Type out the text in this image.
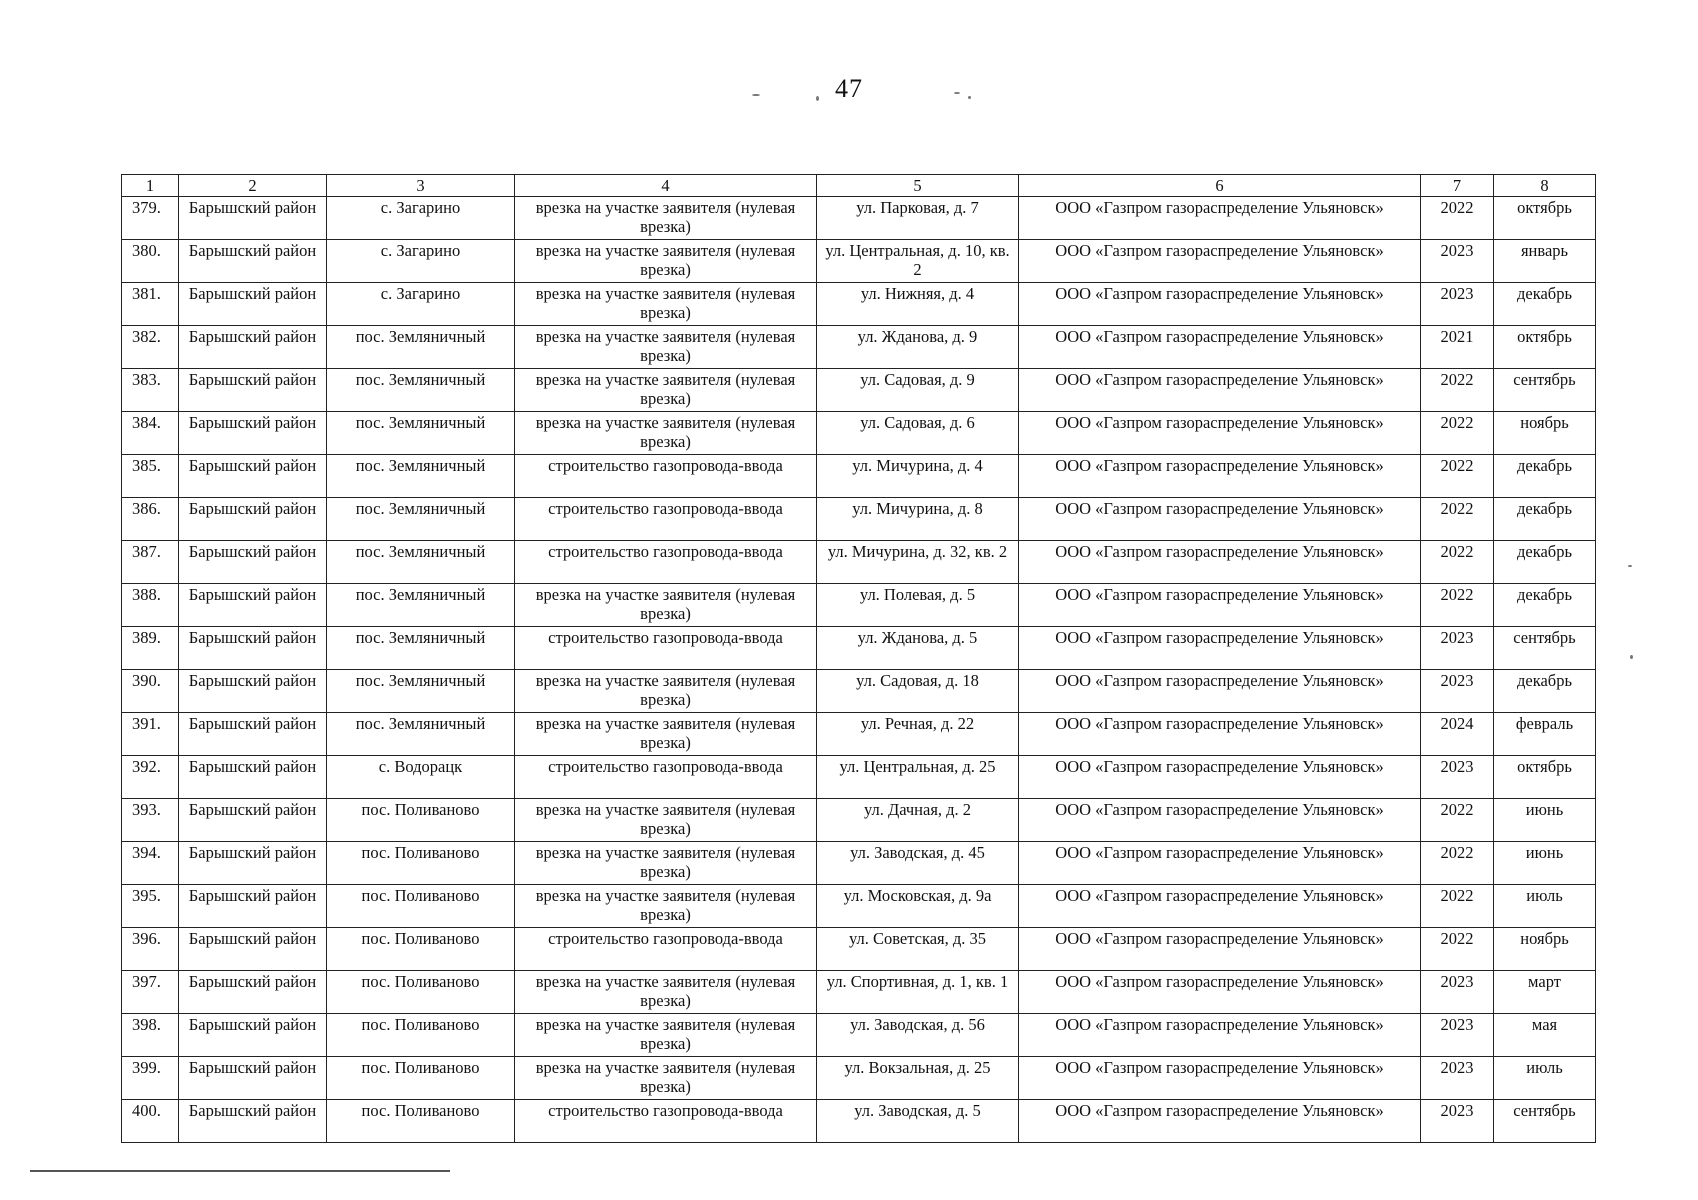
47
1	2	3	4	5	6	7	8
379.	Барышский район	с. Загарино	врезка на участке заявителя (нулевая врезка)	ул. Парковая, д. 7	ООО «Газпром газораспределение Ульяновск»	2022	октябрь
380.	Барышский район	с. Загарино	врезка на участке заявителя (нулевая врезка)	ул. Центральная, д. 10, кв. 2	ООО «Газпром газораспределение Ульяновск»	2023	январь
381.	Барышский район	с. Загарино	врезка на участке заявителя (нулевая врезка)	ул. Нижняя, д. 4	ООО «Газпром газораспределение Ульяновск»	2023	декабрь
382.	Барышский район	пос. Земляничный	врезка на участке заявителя (нулевая врезка)	ул. Жданова, д. 9	ООО «Газпром газораспределение Ульяновск»	2021	октябрь
383.	Барышский район	пос. Земляничный	врезка на участке заявителя (нулевая врезка)	ул. Садовая, д. 9	ООО «Газпром газораспределение Ульяновск»	2022	сентябрь
384.	Барышский район	пос. Земляничный	врезка на участке заявителя (нулевая врезка)	ул. Садовая, д. 6	ООО «Газпром газораспределение Ульяновск»	2022	ноябрь
385.	Барышский район	пос. Земляничный	строительство газопровода-ввода	ул. Мичурина, д. 4	ООО «Газпром газораспределение Ульяновск»	2022	декабрь
386.	Барышский район	пос. Земляничный	строительство газопровода-ввода	ул. Мичурина, д. 8	ООО «Газпром газораспределение Ульяновск»	2022	декабрь
387.	Барышский район	пос. Земляничный	строительство газопровода-ввода	ул. Мичурина, д. 32, кв. 2	ООО «Газпром газораспределение Ульяновск»	2022	декабрь
388.	Барышский район	пос. Земляничный	врезка на участке заявителя (нулевая врезка)	ул. Полевая, д. 5	ООО «Газпром газораспределение Ульяновск»	2022	декабрь
389.	Барышский район	пос. Земляничный	строительство газопровода-ввода	ул. Жданова, д. 5	ООО «Газпром газораспределение Ульяновск»	2023	сентябрь
390.	Барышский район	пос. Земляничный	врезка на участке заявителя (нулевая врезка)	ул. Садовая, д. 18	ООО «Газпром газораспределение Ульяновск»	2023	декабрь
391.	Барышский район	пос. Земляничный	врезка на участке заявителя (нулевая врезка)	ул. Речная, д. 22	ООО «Газпром газораспределение Ульяновск»	2024	февраль
392.	Барышский район	с. Водорацк	строительство газопровода-ввода	ул. Центральная, д. 25	ООО «Газпром газораспределение Ульяновск»	2023	октябрь
393.	Барышский район	пос. Поливаново	врезка на участке заявителя (нулевая врезка)	ул. Дачная, д. 2	ООО «Газпром газораспределение Ульяновск»	2022	июнь
394.	Барышский район	пос. Поливаново	врезка на участке заявителя (нулевая врезка)	ул. Заводская, д. 45	ООО «Газпром газораспределение Ульяновск»	2022	июнь
395.	Барышский район	пос. Поливаново	врезка на участке заявителя (нулевая врезка)	ул. Московская, д. 9а	ООО «Газпром газораспределение Ульяновск»	2022	июль
396.	Барышский район	пос. Поливаново	строительство газопровода-ввода	ул. Советская, д. 35	ООО «Газпром газораспределение Ульяновск»	2022	ноябрь
397.	Барышский район	пос. Поливаново	врезка на участке заявителя (нулевая врезка)	ул. Спортивная, д. 1, кв. 1	ООО «Газпром газораспределение Ульяновск»	2023	март
398.	Барышский район	пос. Поливаново	врезка на участке заявителя (нулевая врезка)	ул. Заводская, д. 56	ООО «Газпром газораспределение Ульяновск»	2023	мая
399.	Барышский район	пос. Поливаново	врезка на участке заявителя (нулевая врезка)	ул. Вокзальная, д. 25	ООО «Газпром газораспределение Ульяновск»	2023	июль
400.	Барышский район	пос. Поливаново	строительство газопровода-ввода	ул. Заводская, д. 5	ООО «Газпром газораспределение Ульяновск»	2023	сентябрь
